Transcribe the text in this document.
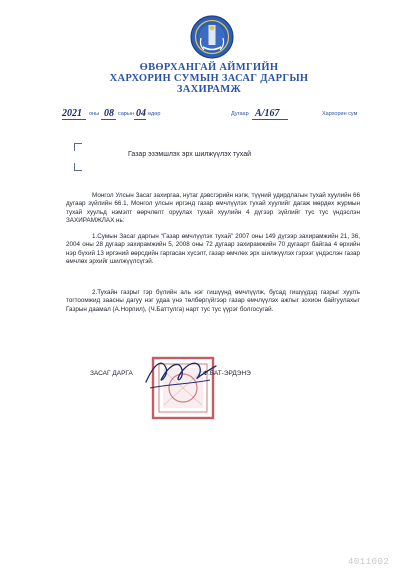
ӨВӨРХАНГАЙ АЙМГИЙН
ХАРХОРИН СУМЫН ЗАСАГ ДАРГЫН
ЗАХИРАМЖ
2021 оны 08 сарын 04 өдөр	Дугаар А/167	Хархорин сум
Газар эзэмшлэх эрх шилжүүлэх тухай

Монгол Улсын Засаг захиргаа, нутаг дэвсгэрийн нэгж, түүний удирдлагын тухай хуулийн 66 дугаар зүйлийн 66.1, Монгол улсын иргэнд газар өмчлүүлэх тухай хуулийг дагаж мөрдөх журмын тухай хуульд нэмэлт өөрчлөлт оруулах тухай хуулийн 4 дүгээр зүйлийг тус тус үндэслэн ЗАХИРАМЖЛАХ нь:

1.Сумын Засаг даргын “Газар өмчлүүлэх тухай” 2007 оны 149 дүгээр захирамжийн 21, 36, 2004 оны 28 дугаар захирамжийн 5, 2008 оны 72 дугаар захирамжийн 70 дугаарт байгаа 4 өрхийн нэр бүхий 13 иргэний өөрсдийн гаргасан хүсэлт, газар өмчлөх эрх шилжүүлэх гэрээг үндэслэн газар өмчлөх эрхийг шилжүүлсүгэй.

2.Тухайн газрыг гэр бүлийн аль нэг гишүүнд өмчлүүлж, бусад гишүүдэд газрыг хуулъ тогтоомжид заасны дагуу нэг удаа үнэ төлбөргүйгээр газар өмчлүүлэх ажлыг зохион байгуулахыг Газрын даамал (А.Норпил), (Ч.Баттулга) нарт тус тус үүрэг болгосугай.

ЗАСАГ ДАРГА	Ф.БАТ-ЭРДЭНЭ
4011002
